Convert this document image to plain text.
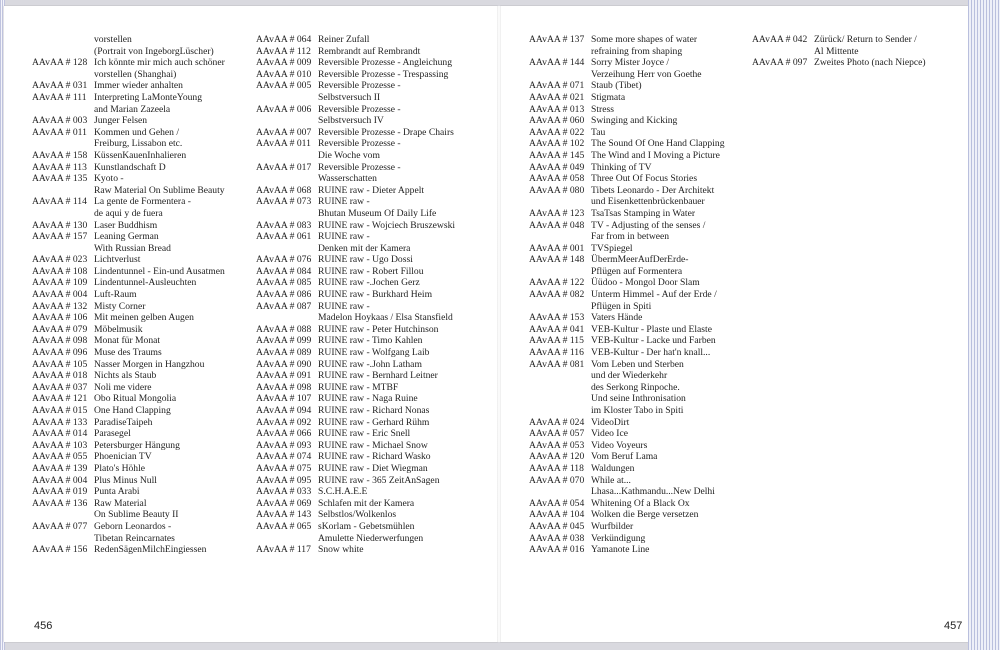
vorstellen
(Portrait von IngeborgLüscher)
AAvAA # 128 Ich könnte mir mich auch schöner
vorstellen (Shanghai)
AAvAA # 031 Immer wieder anhalten
AAvAA # 111 Interpreting LaMonteYoung
and Marian Zazeela
AAvAA # 003 Junger Felsen
AAvAA # 011 Kommen und Gehen /
Freiburg, Lissabon etc.
AAvAA # 158 KüssenKauenInhalieren
AAvAA # 113 Kunstlandschaft D
AAvAA # 135 Kyoto -
Raw Material On Sublime Beauty
AAvAA # 114 La gente de Formentera -
de aqui y de fuera
AAvAA # 130 Laser Buddhism
AAvAA # 157 Leaning German
With Russian Bread
AAvAA # 023 Lichtverlust
AAvAA # 108 Lindentunnel - Ein-und Ausatmen
AAvAA # 109 Lindentunnel-Ausleuchten
AAvAA # 004 Luft-Raum
AAvAA # 132 Misty Corner
AAvAA # 106 Mit meinen gelben Augen
AAvAA # 079 Möbelmusik
AAvAA # 098 Monat für Monat
AAvAA # 096 Muse des Traums
AAvAA # 105 Nasser Morgen in Hangzhou
AAvAA # 018 Nichts als Staub
AAvAA # 037 Noli me videre
AAvAA # 121 Obo Ritual Mongolia
AAvAA # 015 One Hand Clapping
AAvAA # 133 ParadiseTaipeh
AAvAA # 014 Parasegel
AAvAA # 103 Petersburger Hängung
AAvAA # 055 Phoenician TV
AAvAA # 139 Plato's Höhle
AAvAA # 004 Plus Minus Null
AAvAA # 019 Punta Arabi
AAvAA # 136 Raw Material
On Sublime Beauty II
AAvAA # 077 Geborn Leonardos -
Tibetan Reincarnates
AAvAA # 156 RedenSägenMilchEingiessen
AAvAA # 064 Reiner Zufall
AAvAA # 112 Rembrandt auf Rembrandt
AAvAA # 009 Reversible Prozesse - Angleichung
AAvAA # 010 Reversible Prozesse - Trespassing
AAvAA # 005 Reversible Prozesse -
Selbstversuch II
AAvAA # 006 Reversible Prozesse -
Selbstversuch IV
AAvAA # 007 Reversible Prozesse - Drape Chairs
AAvAA # 011 Reversible Prozesse -
Die Woche vom
AAvAA # 017 Reversible Prozesse -
Wasserschatten
AAvAA # 068 RUINE raw - Dieter Appelt
AAvAA # 073 RUINE raw -
Bhutan Museum Of Daily Life
AAvAA # 083 RUINE raw - Wojciech Bruszewski
AAvAA # 061 RUINE raw -
Denken mit der Kamera
AAvAA # 076 RUINE raw - Ugo Dossi
AAvAA # 084 RUINE raw - Robert Fillou
AAvAA # 085 RUINE raw -.Jochen Gerz
AAvAA # 086 RUINE raw - Burkhard Heim
AAvAA # 087 RUINE raw -
Madelon Hoykaas / Elsa Stansfield
AAvAA # 088 RUINE raw - Peter Hutchinson
AAvAA # 099 RUINE raw - Timo Kahlen
AAvAA # 089 RUINE raw - Wolfgang Laib
AAvAA # 090 RUINE raw -.John Latham
AAvAA # 091 RUINE raw - Bernhard Leitner
AAvAA # 098 RUINE raw - MTBF
AAvAA # 107 RUINE raw - Naga Ruine
AAvAA # 094 RUINE raw - Richard Nonas
AAvAA # 092 RUINE raw - Gerhard Rühm
AAvAA # 066 RUINE raw - Eric Snell
AAvAA # 093 RUINE raw - Michael Snow
AAvAA # 074 RUINE raw - Richard Wasko
AAvAA # 075 RUINE raw - Diet Wiegman
AAvAA # 095 RUINE raw - 365 ZeitAnSagen
AAvAA # 033 S.C.H.A.E.E
AAvAA # 069 Schlafen mit der Kamera
AAvAA # 143 Selbstlos/Wolkenlos
AAvAA # 065 sKorlam - Gebetsmühlen
Amulette Niederwerfungen
AAvAA # 117 Snow white
AAvAA # 137 Some more shapes of water
refraining from shaping
AAvAA # 144 Sorry Mister Joyce /
Verzeihung Herr von Goethe
AAvAA # 071 Staub (Tibet)
AAvAA # 021 Stigmata
AAvAA # 013 Stress
AAvAA # 060 Swinging and Kicking
AAvAA # 022 Tau
AAvAA # 102 The Sound Of One Hand Clapping
AAvAA # 145 The Wind and I Moving a Picture
AAvAA # 049 Thinking of TV
AAvAA # 058 Three Out Of Focus Stories
AAvAA # 080 Tibets Leonardo - Der Architekt
und Eisenkettenbrückenbauer
AAvAA # 123 TsaTsas Stamping in Water
AAvAA # 048 TV - Adjusting of the senses /
Far from in between
AAvAA # 001 TVSpiegel
AAvAA # 148 ÜbermMeerAufDerErde-
Pflügen auf Formentera
AAvAA # 122 Üüdoo - Mongol Door Slam
AAvAA # 082 Unterm Himmel - Auf der Erde /
Pflügen in Spiti
AAvAA # 153 Vaters Hände
AAvAA # 041 VEB-Kultur - Plaste und Elaste
AAvAA # 115 VEB-Kultur - Lacke und Farben
AAvAA # 116 VEB-Kultur - Der hat'n knall...
AAvAA # 081 Vom Leben und Sterben
und der Wiederkehr
des Serkong Rinpoche.
Und seine Inthronisation
im Kloster Tabo in Spiti
AAvAA # 024 VideoDirt
AAvAA # 057 Video Ice
AAvAA # 053 Video Voyeurs
AAvAA # 120 Vom Beruf Lama
AAvAA # 118 Waldungen
AAvAA # 070 While at...
Lhasa...Kathmandu...New Delhi
AAvAA # 054 Whitening Of a Black Ox
AAvAA # 104 Wolken die Berge versetzen
AAvAA # 045 Wurfbilder
AAvAA # 038 Verkündigung
AAvAA # 016 Yamanote Line
AAvAA # 042 Zürück/ Return to Sender /
Al Mittente
AAvAA # 097 Zweites Photo (nach Niepce)
456	457
